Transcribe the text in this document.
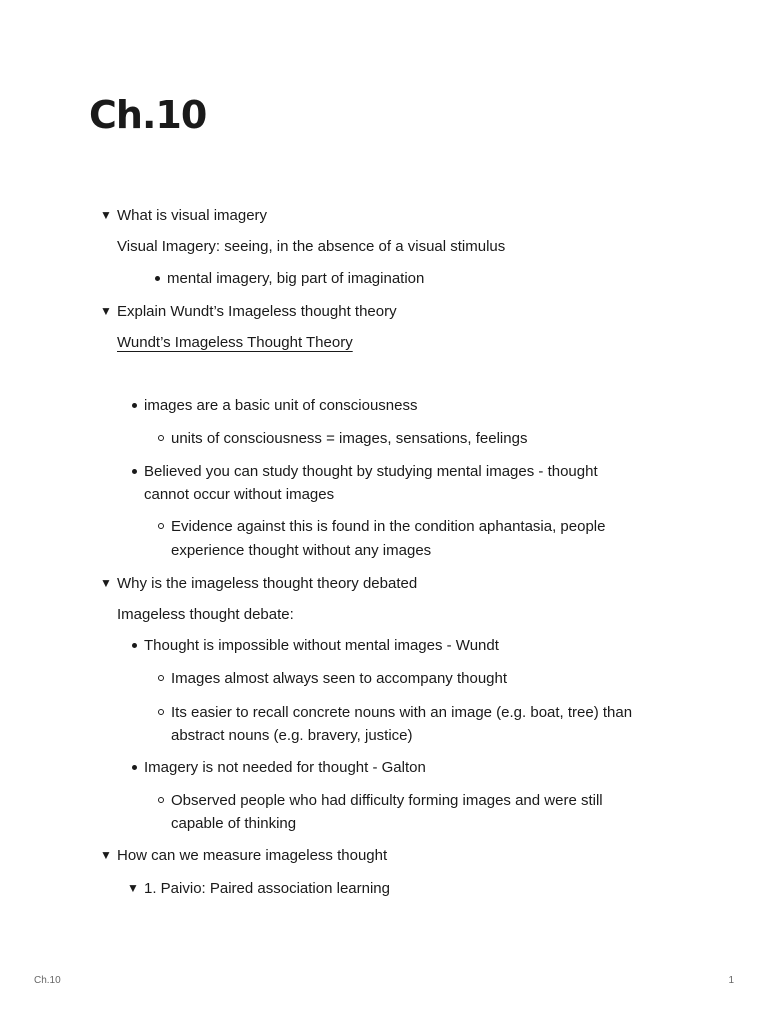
Ch.10
▼ What is visual imagery
Visual Imagery: seeing, in the absence of a visual stimulus
mental imagery, big part of imagination
▼ Explain Wundt’s Imageless thought theory
Wundt’s Imageless Thought Theory
images are a basic unit of consciousness
units of consciousness = images, sensations, feelings
Believed you can study thought by studying mental images - thought
cannot occur without images
Evidence against this is found in the condition aphantasia, people
experience thought without any images
▼ Why is the imageless thought theory debated
Imageless thought debate:
Thought is impossible without mental images - Wundt
Images almost always seen to accompany thought
Its easier to recall concrete nouns with an image (e.g. boat, tree) than
abstract nouns (e.g. bravery, justice)
Imagery is not needed for thought - Galton
Observed people who had difficulty forming images and were still
capable of thinking
▼ How can we measure imageless thought
▼ 1. Paivio: Paired association learning
Ch.10	1
